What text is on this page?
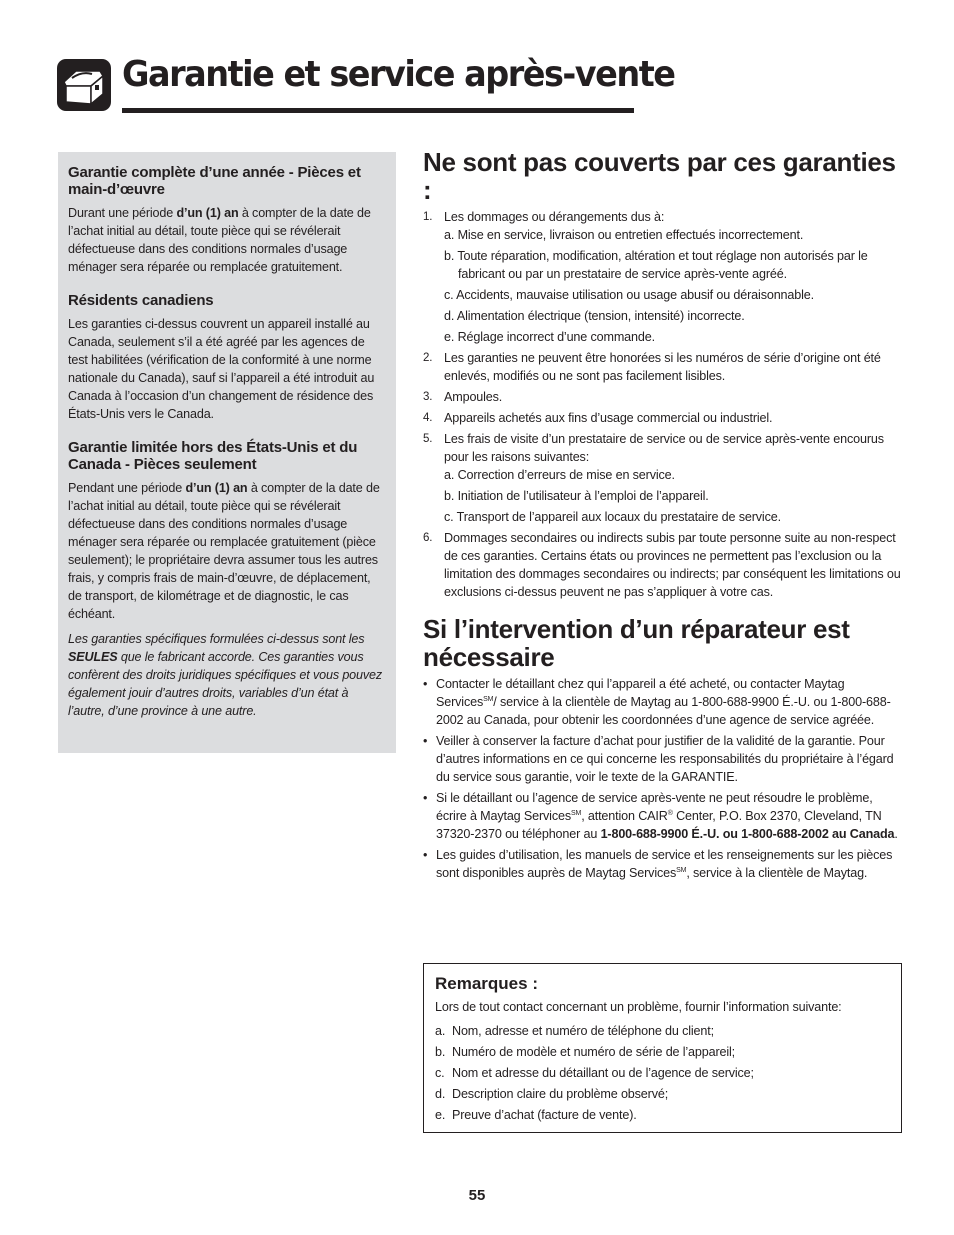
Garantie et service après-vente
Garantie complète d’une année - Pièces et main-d’œuvre

Durant une période d’un (1) an à compter de la date de l’achat initial au détail, toute pièce qui se révélerait défectueuse dans des conditions normales d’usage ménager sera réparée ou remplacée gratuitement.

Résidents canadiens

Les garanties ci-dessus couvrent un appareil installé au Canada, seulement s’il a été agréé par les agences de test habilitées (vérification de la conformité à une norme nationale du Canada), sauf si l’appareil a été introduit au Canada à l’occasion d’un changement de résidence des États-Unis vers le Canada.

Garantie limitée hors des États-Unis et du Canada - Pièces seulement

Pendant une période d’un (1) an à compter de la date de l’achat initial au détail, toute pièce qui se révélerait défectueuse dans des conditions normales d’usage ménager sera réparée ou remplacée gratuitement (pièce seulement); le propriétaire devra assumer tous les autres frais, y compris frais de main-d’œuvre, de déplacement, de transport, de kilométrage et de diagnostic, le cas échéant.

Les garanties spécifiques formulées ci-dessus sont les SEULES que le fabricant accorde. Ces garanties vous confèrent des droits juridiques spécifiques et vous pouvez également jouir d’autres droits, variables d’un état à l’autre, d’une province à une autre.

Ne sont pas couverts par ces garanties :
1. Les dommages ou dérangements dus à:
a. Mise en service, livraison ou entretien effectués incorrectement.
b. Toute réparation, modification, altération et tout réglage non autorisés par le fabricant ou par un prestataire de service après-vente agréé.
c. Accidents, mauvaise utilisation ou usage abusif ou déraisonnable.
d. Alimentation électrique (tension, intensité) incorrecte.
e. Réglage incorrect d’une commande.
2. Les garanties ne peuvent être honorées si les numéros de série d’origine ont été enlevés, modifiés ou ne sont pas facilement lisibles.
3. Ampoules.
4. Appareils achetés aux fins d’usage commercial ou industriel.
5. Les frais de visite d’un prestataire de service ou de service après-vente encourus pour les raisons suivantes:
a. Correction d’erreurs de mise en service.
b. Initiation de l’utilisateur à l’emploi de l’appareil.
c. Transport de l’appareil aux locaux du prestataire de service.
6. Dommages secondaires ou indirects subis par toute personne suite au non-respect de ces garanties. Certains états ou provinces ne permettent pas l’exclusion ou la limitation des dommages secondaires ou indirects; par conséquent les limitations ou exclusions ci-dessus peuvent ne pas s’appliquer à votre cas.
Si l’intervention d’un réparateur est nécessaire
• Contacter le détaillant chez qui l’appareil a été acheté, ou contacter Maytag Services℠/ service à la clientèle de Maytag au 1-800-688-9900 É.-U. ou 1-800-688-2002 au Canada, pour obtenir les coordonnées d’une agence de service agréée.
• Veiller à conserver la facture d’achat pour justifier de la validité de la garantie. Pour d’autres informations en ce qui concerne les responsabilités du propriétaire à l’égard du service sous garantie, voir le texte de la GARANTIE.
• Si le détaillant ou l’agence de service après-vente ne peut résoudre le problème, écrire à Maytag Services℠, attention CAIR® Center, P.O. Box 2370, Cleveland, TN 37320-2370 ou téléphoner au 1-800-688-9900 É.-U. ou 1-800-688-2002 au Canada.
• Les guides d’utilisation, les manuels de service et les renseignements sur les pièces sont disponibles auprès de Maytag Services℠, service à la clientèle de Maytag.
Remarques :

Lors de tout contact concernant un problème, fournir l’information suivante:

a. Nom, adresse et numéro de téléphone du client;
b. Numéro de modèle et numéro de série de l’appareil;
c. Nom et adresse du détaillant ou de l’agence de service;
d. Description claire du problème observé;
e. Preuve d’achat (facture de vente).
55
